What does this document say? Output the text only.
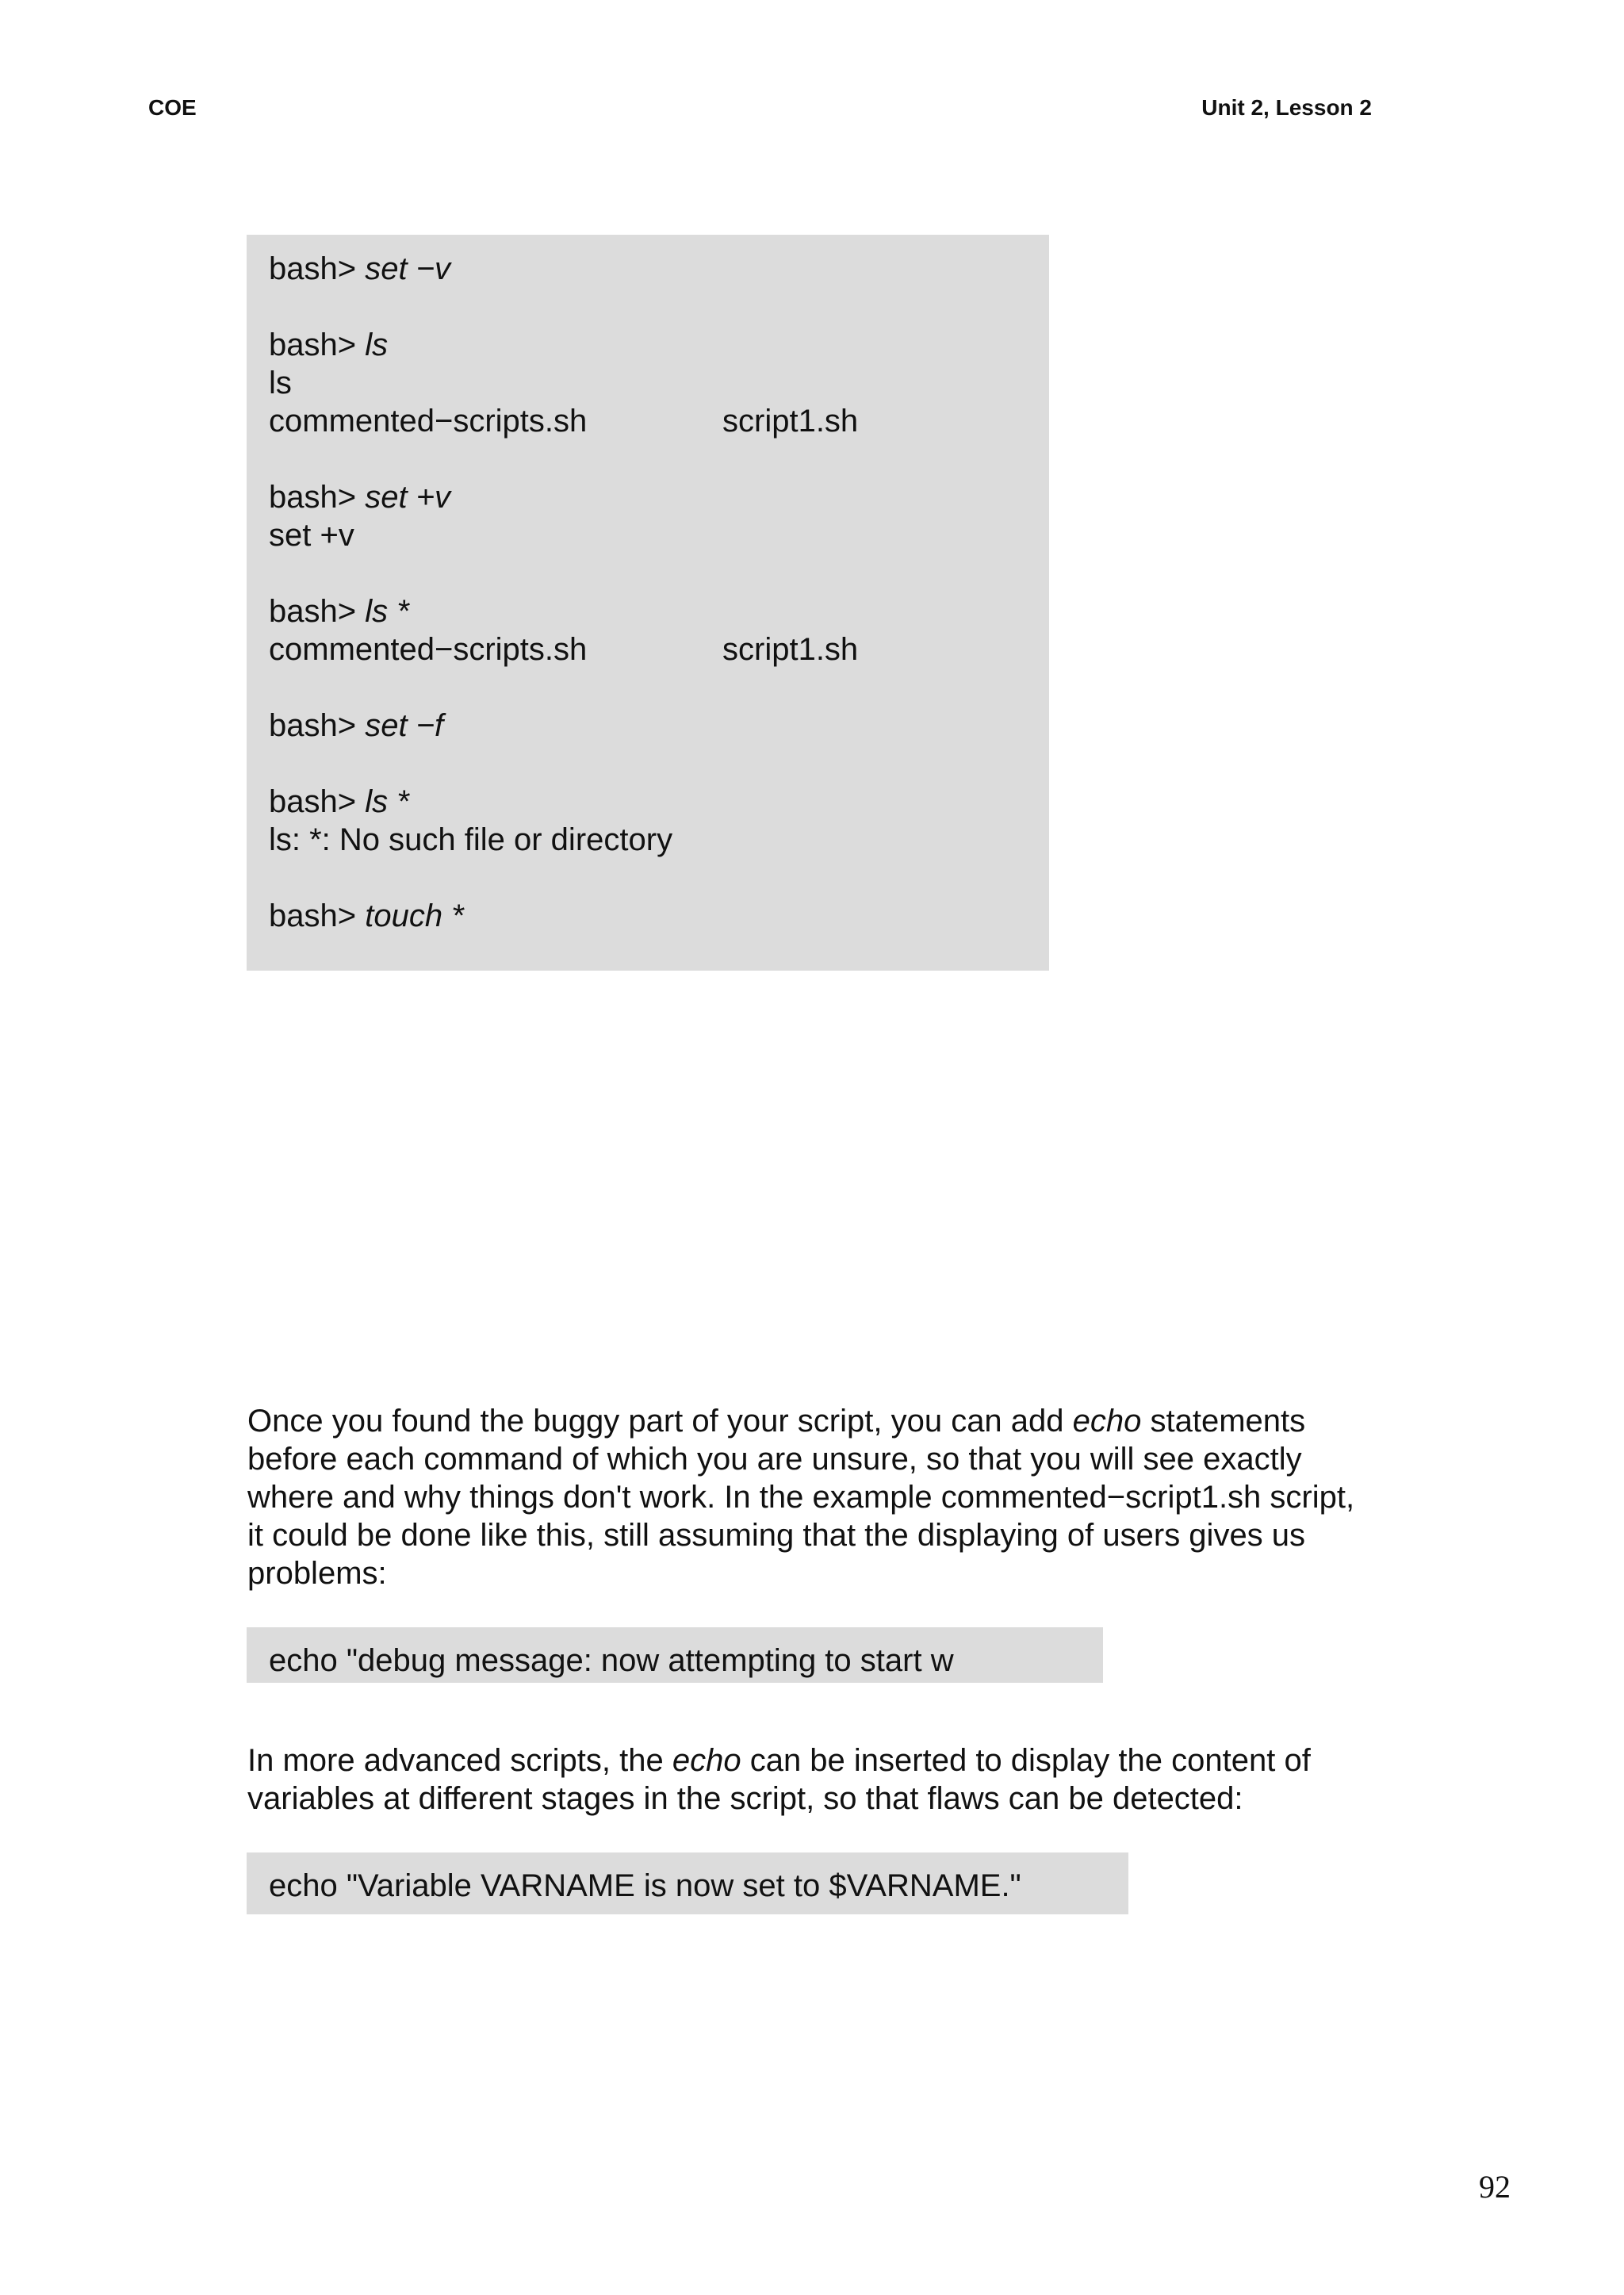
COE	Unit 2, Lesson 2
bash> set −v
bash> ls
ls
commented−scripts.sh	script1.sh
bash> set +v
set +v
bash> ls *
commented−scripts.sh	script1.sh
bash> set −f
bash> ls *
ls: *: No such file or directory
bash> touch *
Once you found the buggy part of your script, you can add echo statements before each command of which you are unsure, so that you will see exactly where and why things don't work. In the example commented−script1.sh script, it could be done like this, still assuming that the displaying of users gives us problems:
echo "debug message: now attempting to start w
In more advanced scripts, the echo can be inserted to display the content of variables at different stages in the script, so that flaws can be detected:
echo "Variable VARNAME is now set to $VARNAME."
92
